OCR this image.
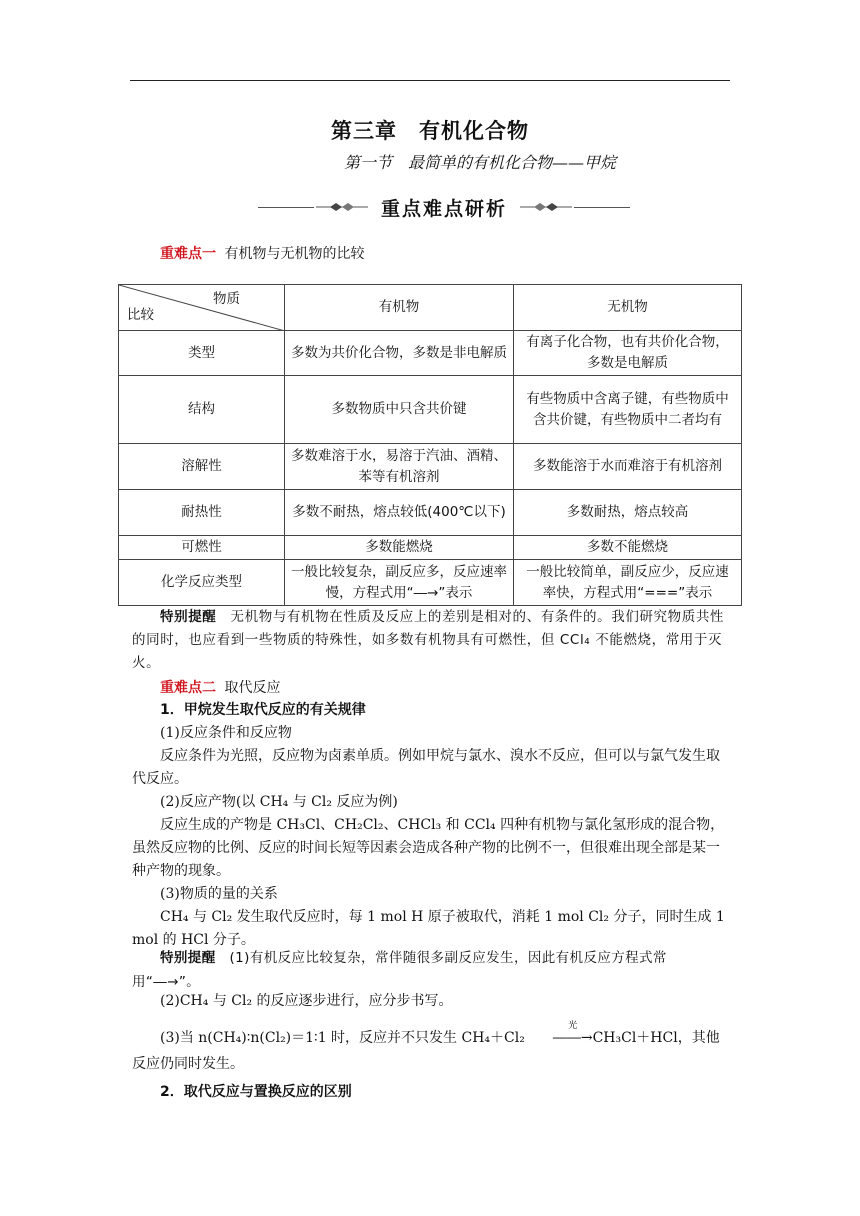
第三章　有机化合物
第一节　最简单的有机化合物——甲烷
重点难点研析
重难点一 有机物与无机物的比较
物质
比较	有机物	无机物
类型	多数为共价化合物，多数是非电解质	有离子化合物，也有共价化合物，多数是电解质
结构	多数物质中只含共价键	有些物质中含离子键，有些物质中含共价键，有些物质中二者均有
溶解性	多数难溶于水，易溶于汽油、酒精、苯等有机溶剂	多数能溶于水而难溶于有机溶剂
耐热性	多数不耐热，熔点较低(400℃以下)	多数耐热，熔点较高
可燃性	多数能燃烧	多数不能燃烧
化学反应类型	一般比较复杂，副反应多，反应速率慢，方程式用“―→”表示	一般比较简单，副反应少，反应速率快，方程式用“===”表示
特别提醒　 无机物与有机物在性质及反应上的差别是相对的、有条件的。我们研究物质共性的同时，也应看到一些物质的特殊性，如多数有机物具有可燃性，但 CCl₄ 不能燃烧，常用于灭火。
重难点二 取代反应
1．甲烷发生取代反应的有关规律
(1)反应条件和反应物
反应条件为光照，反应物为卤素单质。例如甲烷与氯水、溴水不反应，但可以与氯气发生取代反应。
(2)反应产物(以 CH₄ 与 Cl₂ 反应为例)
反应生成的产物是 CH₃Cl、CH₂Cl₂、CHCl₃ 和 CCl₄ 四种有机物与氯化氢形成的混合物，虽然反应物的比例、反应的时间长短等因素会造成各种产物的比例不一，但很难出现全部是某一种产物的现象。
(3)物质的量的关系
CH₄ 与 Cl₂ 发生取代反应时，每 1 mol H 原子被取代，消耗 1 mol Cl₂ 分子，同时生成 1 mol 的 HCl 分子。
特别提醒　 (1)有机反应比较复杂，常伴随很多副反应发生，因此有机反应方程式常用“―→”。
(2)CH₄ 与 Cl₂ 的反应逐步进行，应分步书写。
(3)当 n(CH₄)∶n(Cl₂)＝1∶1 时，反应并不只发生 CH₄＋Cl₂
光
――→CH₃Cl＋HCl，其他反应仍同时发生。
2．取代反应与置换反应的区别
